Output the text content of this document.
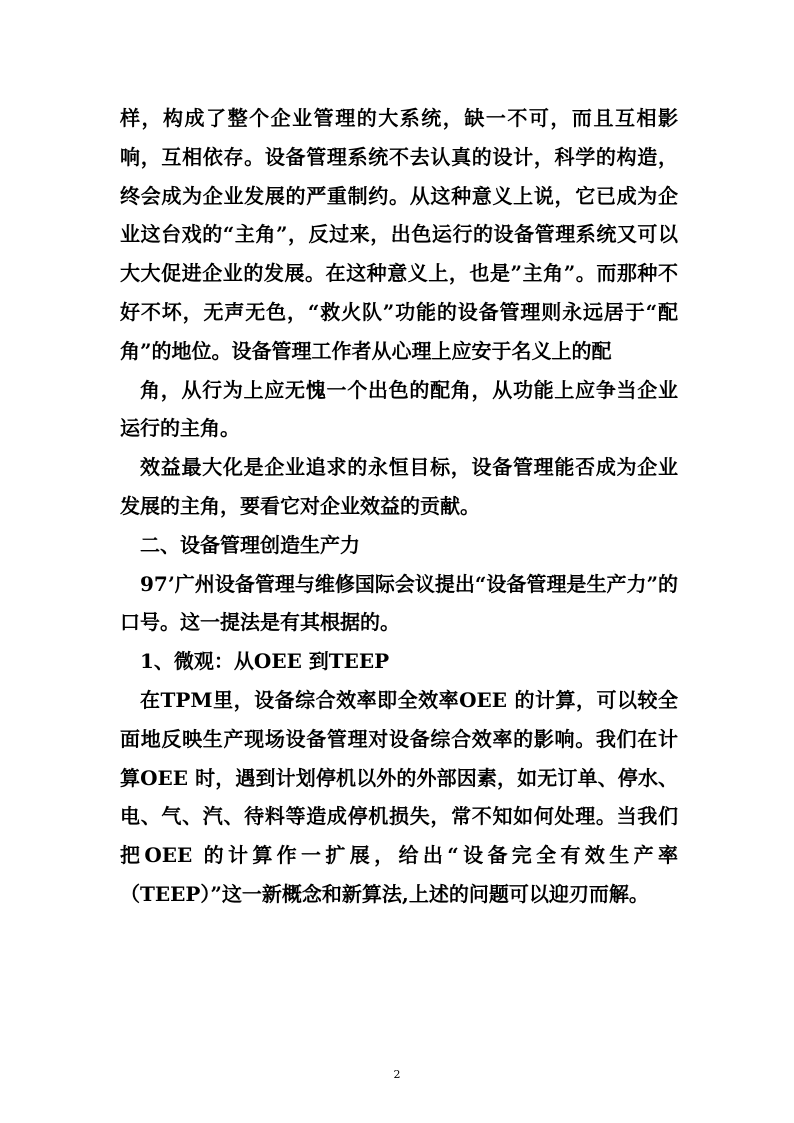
样，构成了整个企业管理的大系统，缺一不可，而且互相影响，互相依存。设备管理系统不去认真的设计，科学的构造，终会成为企业发展的严重制约。从这种意义上说，它已成为企业这台戏的“主角”，反过来，出色运行的设备管理系统又可以大大促进企业的发展。在这种意义上，也是”主角”。而那种不好不坏，无声无色，“救火队”功能的设备管理则永远居于“配角”的地位。设备管理工作者从心理上应安于名义上的配

角，从行为上应无愧一个出色的配角，从功能上应争当企业运行的主角。

效益最大化是企业追求的永恒目标，设备管理能否成为企业发展的主角，要看它对企业效益的贡献。

二、设备管理创造生产力

97’广州设备管理与维修国际会议提出“设备管理是生产力”的口号。这一提法是有其根据的。

1、微观：从OEE 到TEEP

在TPM里，设备综合效率即全效率OEE 的计算，可以较全面地反映生产现场设备管理对设备综合效率的影响。我们在计算OEE 时，遇到计划停机以外的外部因素，如无订单、停水、电、气、汽、待料等造成停机损失，常不知如何处理。当我们把OEE 的计算作一扩展，给出“设备完全有效生产率（TEEP）”这一新概念和新算法,上述的问题可以迎刃而解。

2
